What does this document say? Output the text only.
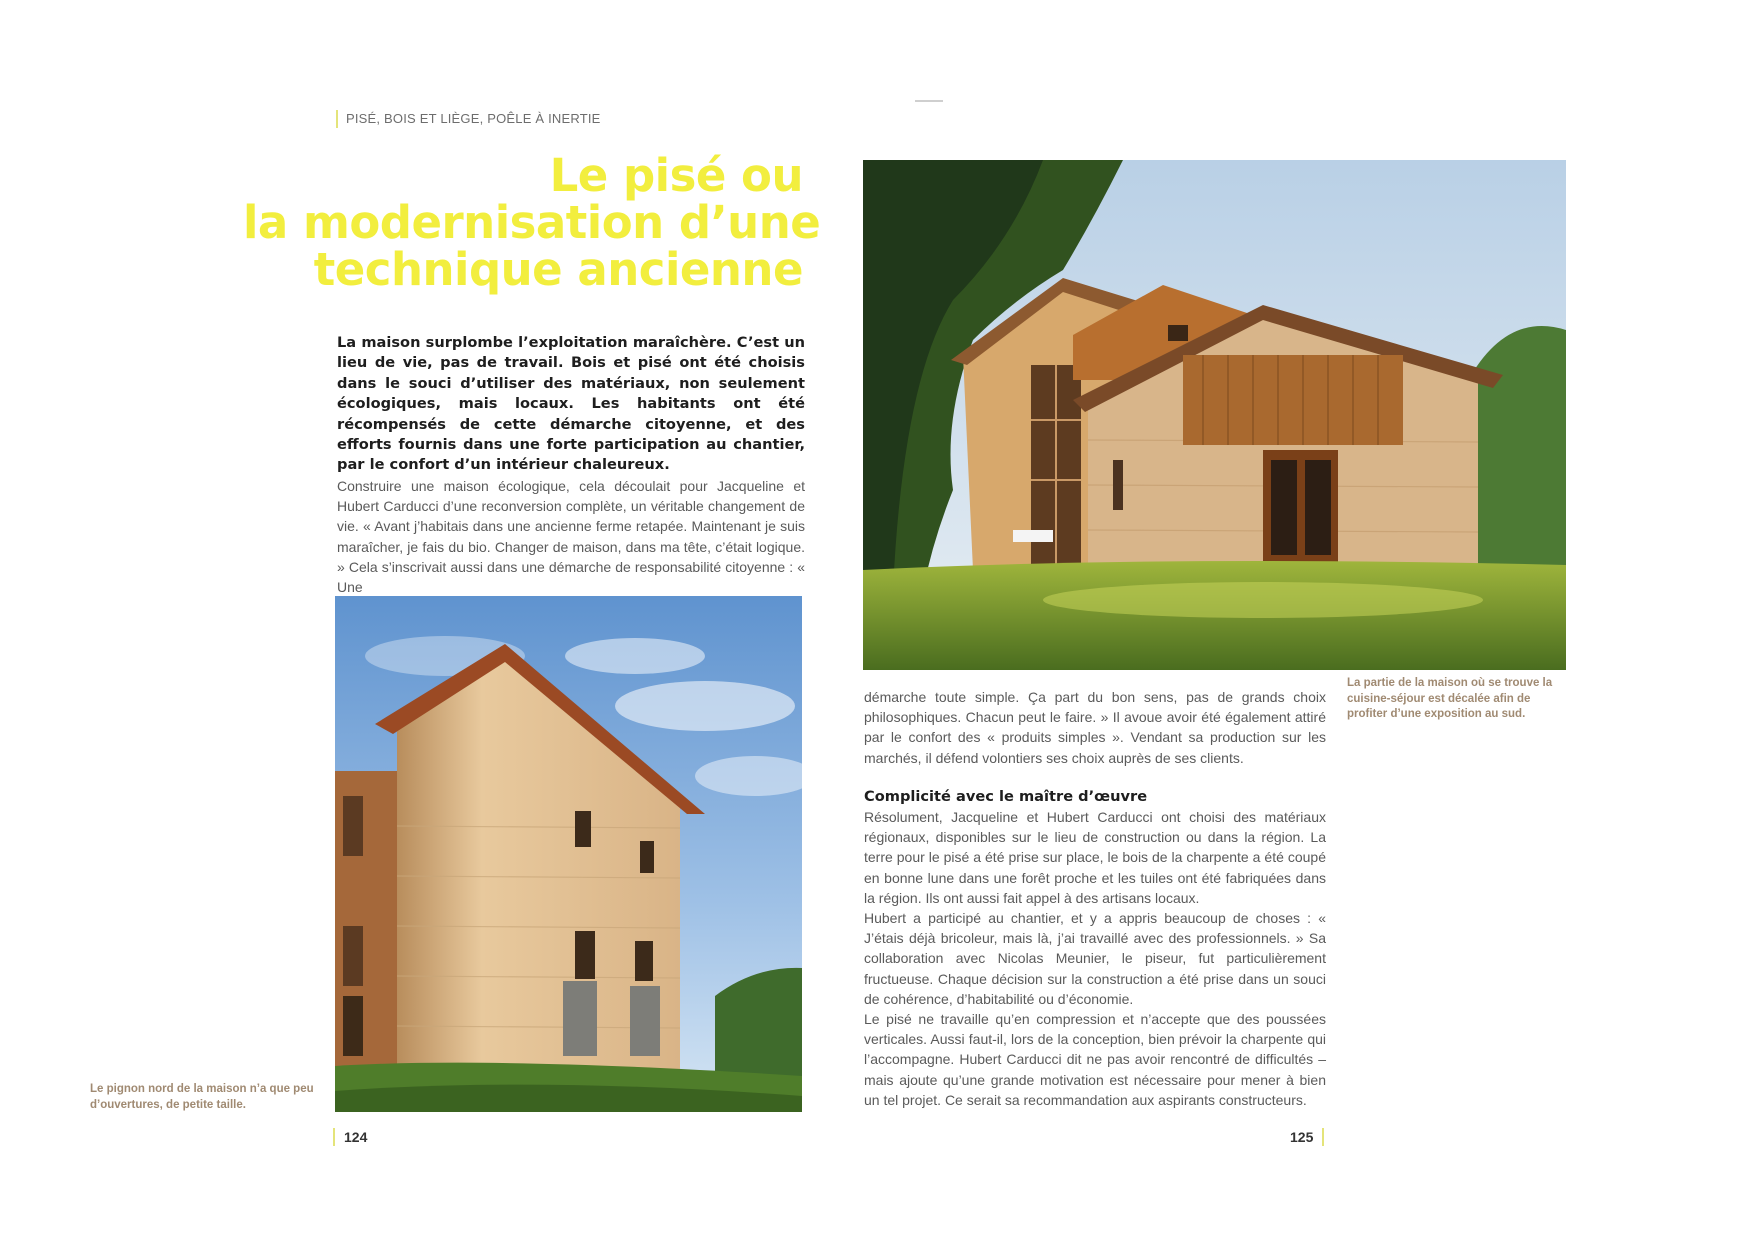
PISÉ, BOIS ET LIÈGE, POÊLE À INERTIE
Le pisé ou
la modernisation d’une
technique ancienne

La maison surplombe l’exploitation maraîchère. C’est un lieu de vie, pas de travail. Bois et pisé ont été choisis dans le souci d’utiliser des matériaux, non seulement écologiques, mais locaux. Les habitants ont été récompensés de cette démarche citoyenne, et des efforts fournis dans une forte participation au chantier, par le confort d’un intérieur chaleureux.

Construire une maison écologique, cela découlait pour Jacqueline et Hubert Carducci d’une reconversion complète, un véritable changement de vie. « Avant j’habitais dans une ancienne ferme retapée. Maintenant je suis maraîcher, je fais du bio. Changer de maison, dans ma tête, c’était logique. » Cela s’inscrivait aussi dans une démarche de responsabilité citoyenne : « Une

Le pignon nord de la maison n’a que peu d’ouvertures, de petite taille.
124
La partie de la maison où se trouve la cuisine-séjour est décalée afin de profiter d’une exposition au sud.

démarche toute simple. Ça part du bon sens, pas de grands choix philosophiques. Chacun peut le faire. » Il avoue avoir été également attiré par le confort des « produits simples ». Vendant sa production sur les marchés, il défend volontiers ses choix auprès de ses clients.

Complicité avec le maître d’œuvre

Résolument, Jacqueline et Hubert Carducci ont choisi des matériaux régionaux, disponibles sur le lieu de construction ou dans la région. La terre pour le pisé a été prise sur place, le bois de la charpente a été coupé en bonne lune dans une forêt proche et les tuiles ont été fabriquées dans la région. Ils ont aussi fait appel à des artisans locaux.

Hubert a participé au chantier, et y a appris beaucoup de choses : « J’étais déjà bricoleur, mais là, j’ai travaillé avec des professionnels. » Sa collaboration avec Nicolas Meunier, le piseur, fut particulièrement fructueuse. Chaque décision sur la construction a été prise dans un souci de cohérence, d’habitabilité ou d’économie.

Le pisé ne travaille qu’en compression et n’accepte que des poussées verticales. Aussi faut-il, lors de la conception, bien prévoir la charpente qui l’accompagne. Hubert Carducci dit ne pas avoir rencontré de difficultés – mais ajoute qu’une grande motivation est nécessaire pour mener à bien un tel projet. Ce serait sa recommandation aux aspirants constructeurs.

125
